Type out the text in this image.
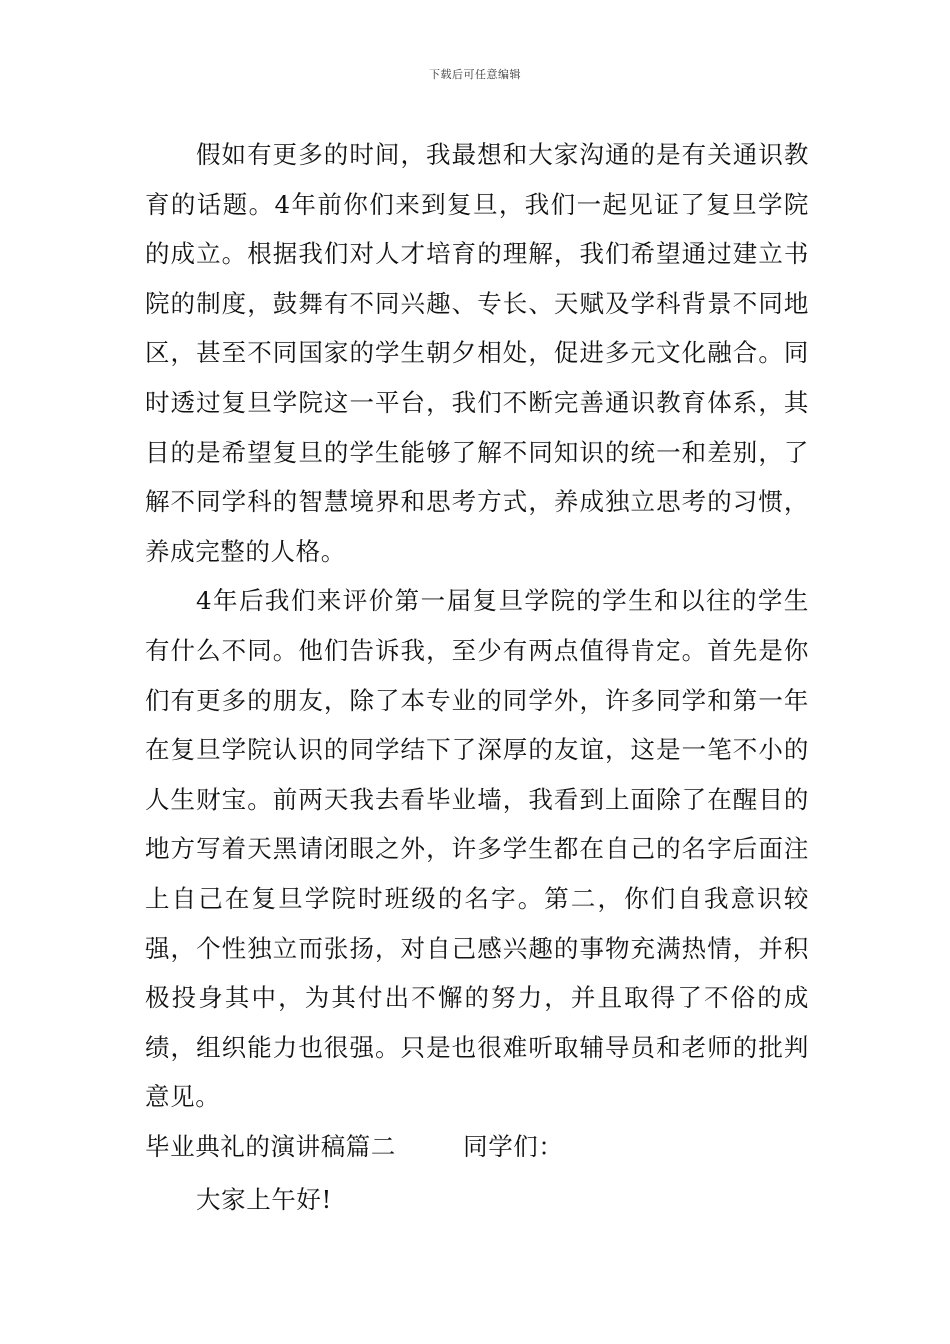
下载后可任意编辑

假如有更多的时间，我最想和大家沟通的是有关通识教育的话题。4年前你们来到复旦，我们一起见证了复旦学院的成立。根据我们对人才培育的理解，我们希望通过建立书院的制度，鼓舞有不同兴趣、专长、天赋及学科背景不同地区，甚至不同国家的学生朝夕相处，促进多元文化融合。同时透过复旦学院这一平台，我们不断完善通识教育体系，其目的是希望复旦的学生能够了解不同知识的统一和差别，了解不同学科的智慧境界和思考方式，养成独立思考的习惯，养成完整的人格。

4年后我们来评价第一届复旦学院的学生和以往的学生有什么不同。他们告诉我，至少有两点值得肯定。首先是你们有更多的朋友，除了本专业的同学外，许多同学和第一年在复旦学院认识的同学结下了深厚的友谊，这是一笔不小的人生财宝。前两天我去看毕业墙，我看到上面除了在醒目的地方写着天黑请闭眼之外，许多学生都在自己的名字后面注上自己在复旦学院时班级的名字。第二，你们自我意识较强，个性独立而张扬，对自己感兴趣的事物充满热情，并积极投身其中，为其付出不懈的努力，并且取得了不俗的成绩，组织能力也很强。只是也很难听取辅导员和老师的批判意见。

毕业典礼的演讲稿篇二	同学们：

大家上午好!
